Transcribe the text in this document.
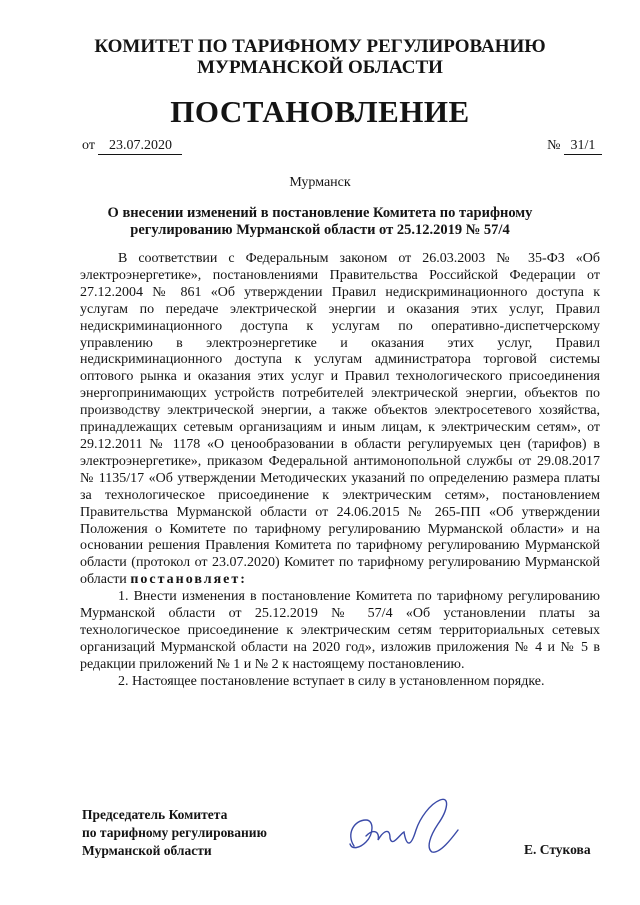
КОМИТЕТ ПО ТАРИФНОМУ РЕГУЛИРОВАНИЮ
МУРМАНСКОЙ ОБЛАСТИ
ПОСТАНОВЛЕНИЕ
от 23.07.2020	№ 31/1
Мурманск
О внесении изменений в постановление Комитета по тарифному
регулированию Мурманской области от 25.12.2019 № 57/4

В соответствии с Федеральным законом от 26.03.2003 № 35-ФЗ «Об электроэнергетике», постановлениями Правительства Российской Федерации от 27.12.2004 № 861 «Об утверждении Правил недискриминационного доступа к услугам по передаче электрической энергии и оказания этих услуг, Правил недискриминационного доступа к услугам по оперативно-диспетчерскому управлению в электроэнергетике и оказания этих услуг, Правил недискриминационного доступа к услугам администратора торговой системы оптового рынка и оказания этих услуг и Правил технологического присоединения энергопринимающих устройств потребителей электрической энергии, объектов по производству электрической энергии, а также объектов электросетевого хозяйства, принадлежащих сетевым организациям и иным лицам, к электрическим сетям», от 29.12.2011 № 1178 «О ценообразовании в области регулируемых цен (тарифов) в электроэнергетике», приказом Федеральной антимонопольной службы от 29.08.2017 № 1135/17 «Об утверждении Методических указаний по определению размера платы за технологическое присоединение к электрическим сетям», постановлением Правительства Мурманской области от 24.06.2015 № 265-ПП «Об утверждении Положения о Комитете по тарифному регулированию Мурманской области» и на основании решения Правления Комитета по тарифному регулированию Мурманской области (протокол от 23.07.2020) Комитет по тарифному регулированию Мурманской области постановляет:

1. Внести изменения в постановление Комитета по тарифному регулированию Мурманской области от 25.12.2019 № 57/4 «Об установлении платы за технологическое присоединение к электрическим сетям территориальных сетевых организаций Мурманской области на 2020 год», изложив приложения № 4 и № 5 в редакции приложений № 1 и № 2 к настоящему постановлению.

2. Настоящее постановление вступает в силу в установленном порядке.

Председатель Комитета
по тарифному регулированию
Мурманской области	Е. Стукова
